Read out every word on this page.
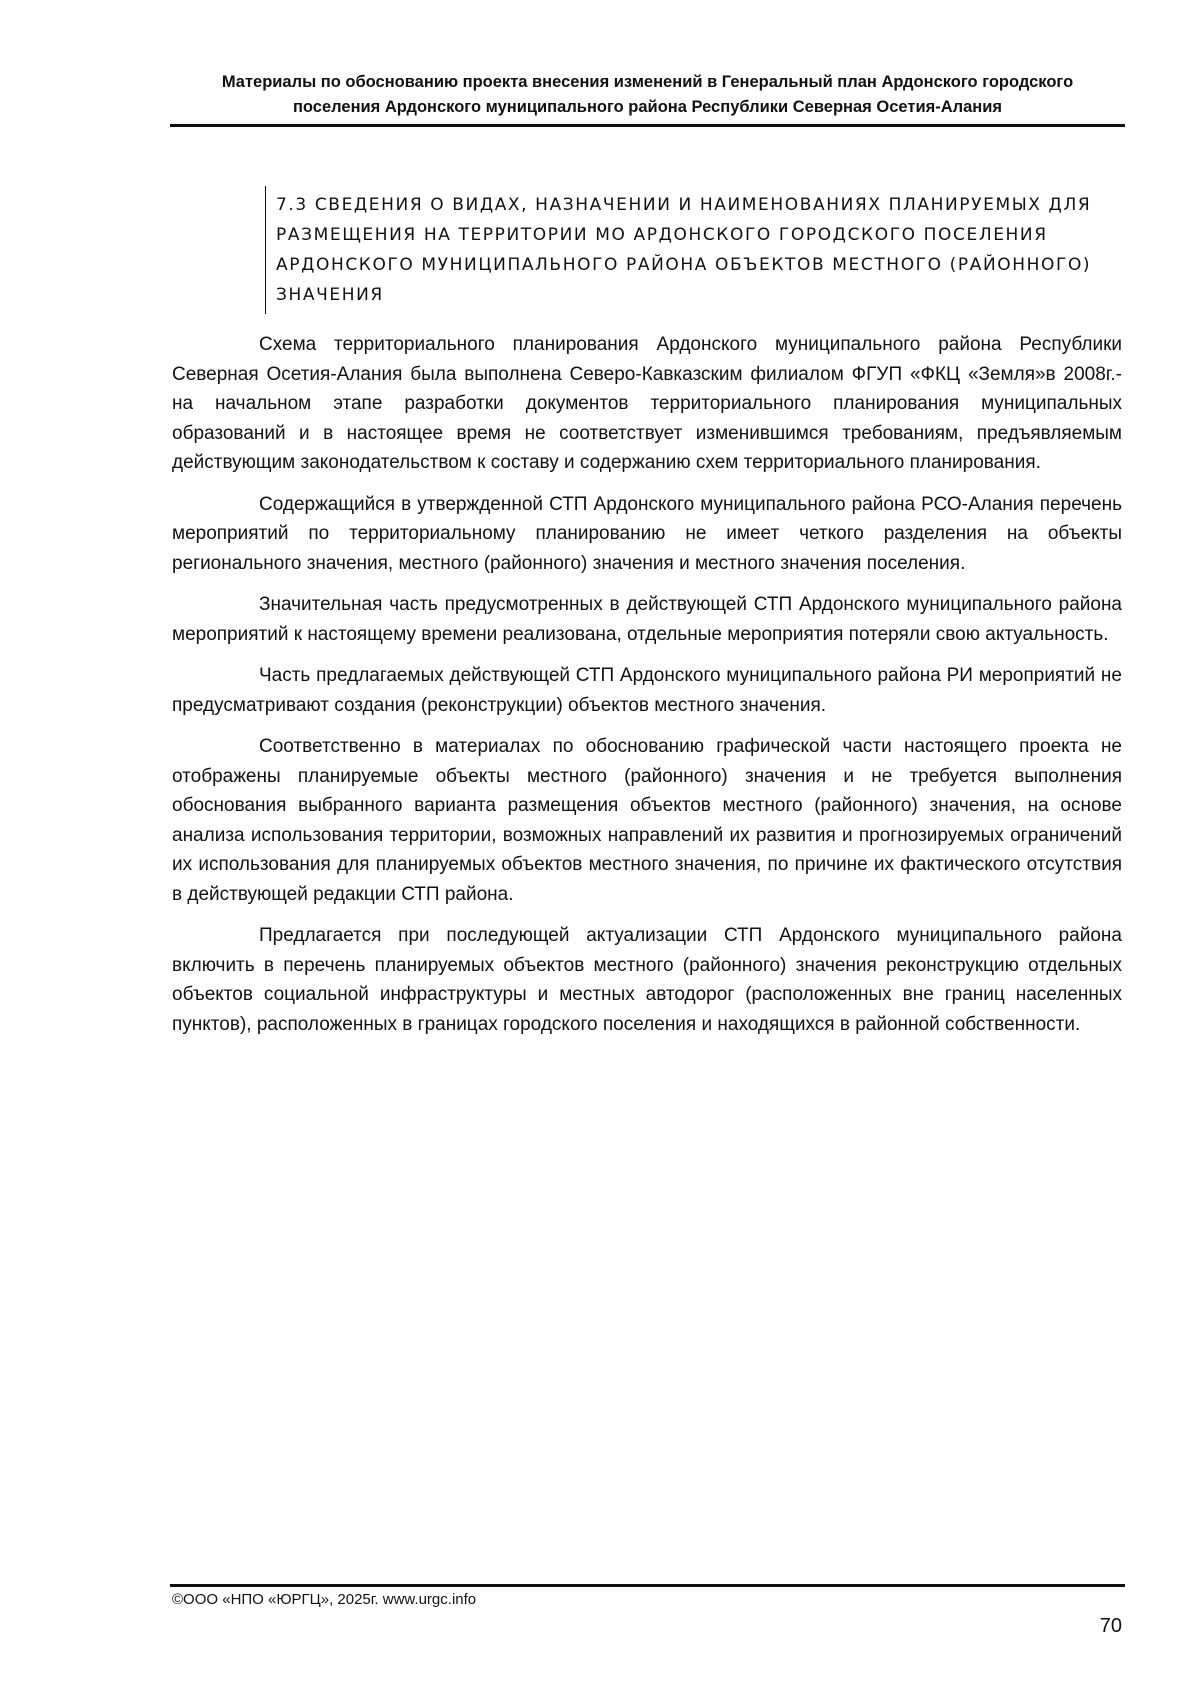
Материалы по обоснованию проекта внесения изменений в Генеральный план Ардонского городского
поселения Ардонского муниципального района Республики Северная Осетия-Алания
7.3 СВЕДЕНИЯ О ВИДАХ, НАЗНАЧЕНИИ И НАИМЕНОВАНИЯХ ПЛАНИРУЕМЫХ ДЛЯ РАЗМЕЩЕНИЯ НА ТЕРРИТОРИИ МО АРДОНСКОГО ГОРОДСКОГО ПОСЕЛЕНИЯ АРДОНСКОГО МУНИЦИПАЛЬНОГО РАЙОНА ОБЪЕКТОВ МЕСТНОГО (РАЙОННОГО) ЗНАЧЕНИЯ

Схема территориального планирования Ардонского муниципального района Республики Северная Осетия-Алания была выполнена Северо-Кавказским филиалом ФГУП «ФКЦ «Земля»в 2008г.- на начальном этапе разработки документов территориального планирования муниципальных образований и в настоящее время не соответствует изменившимся требованиям, предъявляемым действующим законодательством к составу и содержанию схем территориального планирования.

Содержащийся в утвержденной СТП Ардонского муниципального района РСО-Алания перечень мероприятий по территориальному планированию не имеет четкого разделения на объекты регионального значения, местного (районного) значения и местного значения поселения.

Значительная часть предусмотренных в действующей СТП Ардонского муниципального района мероприятий к настоящему времени реализована, отдельные мероприятия потеряли свою актуальность.

Часть предлагаемых действующей СТП Ардонского муниципального района РИ мероприятий не предусматривают создания (реконструкции) объектов местного значения.

Соответственно в материалах по обоснованию графической части настоящего проекта не отображены планируемые объекты местного (районного) значения и не требуется выполнения обоснования выбранного варианта размещения объектов местного (районного) значения, на основе анализа использования территории, возможных направлений их развития и прогнозируемых ограничений их использования для планируемых объектов местного значения, по причине их фактического отсутствия в действующей редакции СТП района.

Предлагается при последующей актуализации СТП Ардонского муниципального района включить в перечень планируемых объектов местного (районного) значения реконструкцию отдельных объектов социальной инфраструктуры и местных автодорог (расположенных вне границ населенных пунктов), расположенных в границах городского поселения и находящихся в районной собственности.

©ООО «НПО «ЮРГЦ», 2025г. www.urgc.info
70
